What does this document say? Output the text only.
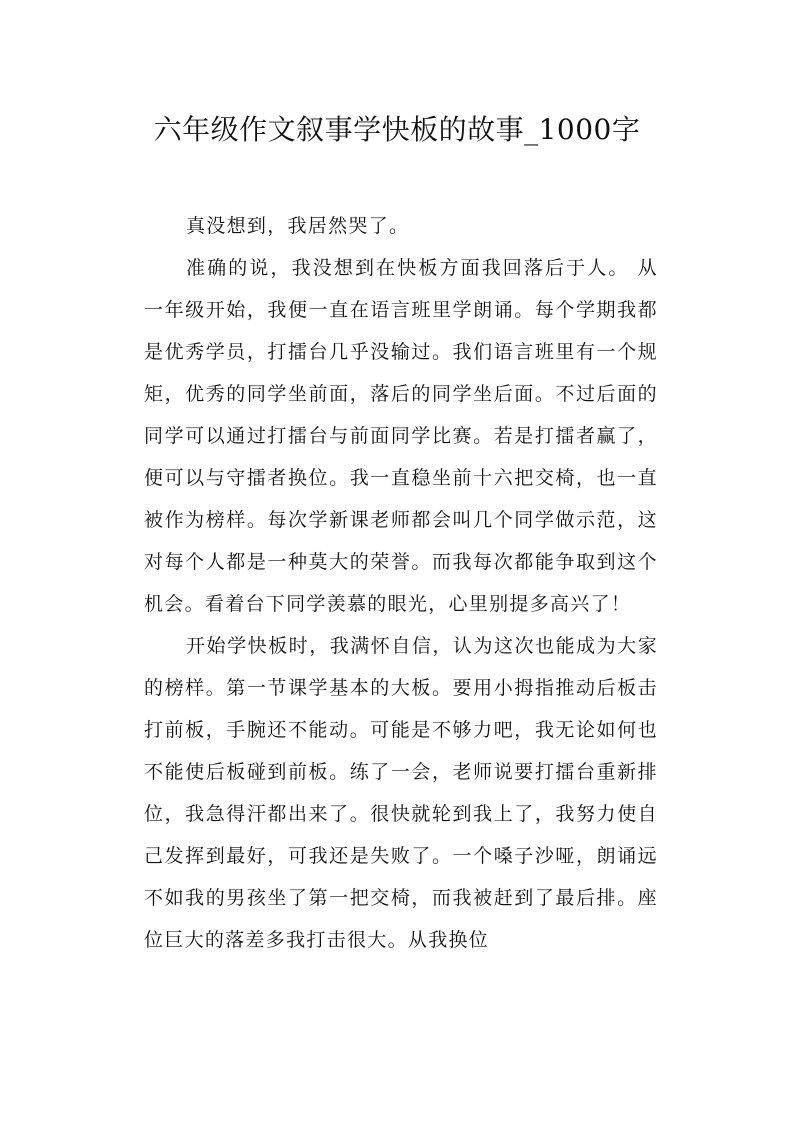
六年级作文叙事学快板的故事_1000字

真没想到，我居然哭了。

准确的说，我没想到在快板方面我回落后于人。 从一年级开始，我便一直在语言班里学朗诵。每个学期我都是优秀学员，打擂台几乎没输过。我们语言班里有一个规矩，优秀的同学坐前面，落后的同学坐后面。不过后面的同学可以通过打擂台与前面同学比赛。若是打擂者赢了，便可以与守擂者换位。我一直稳坐前十六把交椅，也一直被作为榜样。每次学新课老师都会叫几个同学做示范，这对每个人都是一种莫大的荣誉。而我每次都能争取到这个机会。看着台下同学羡慕的眼光，心里别提多高兴了！

开始学快板时，我满怀自信，认为这次也能成为大家的榜样。第一节课学基本的大板。要用小拇指推动后板击打前板，手腕还不能动。可能是不够力吧，我无论如何也不能使后板碰到前板。练了一会，老师说要打擂台重新排位，我急得汗都出来了。很快就轮到我上了，我努力使自己发挥到最好，可我还是失败了。一个嗓子沙哑，朗诵远不如我的男孩坐了第一把交椅，而我被赶到了最后排。座位巨大的落差多我打击很大。从我换位
